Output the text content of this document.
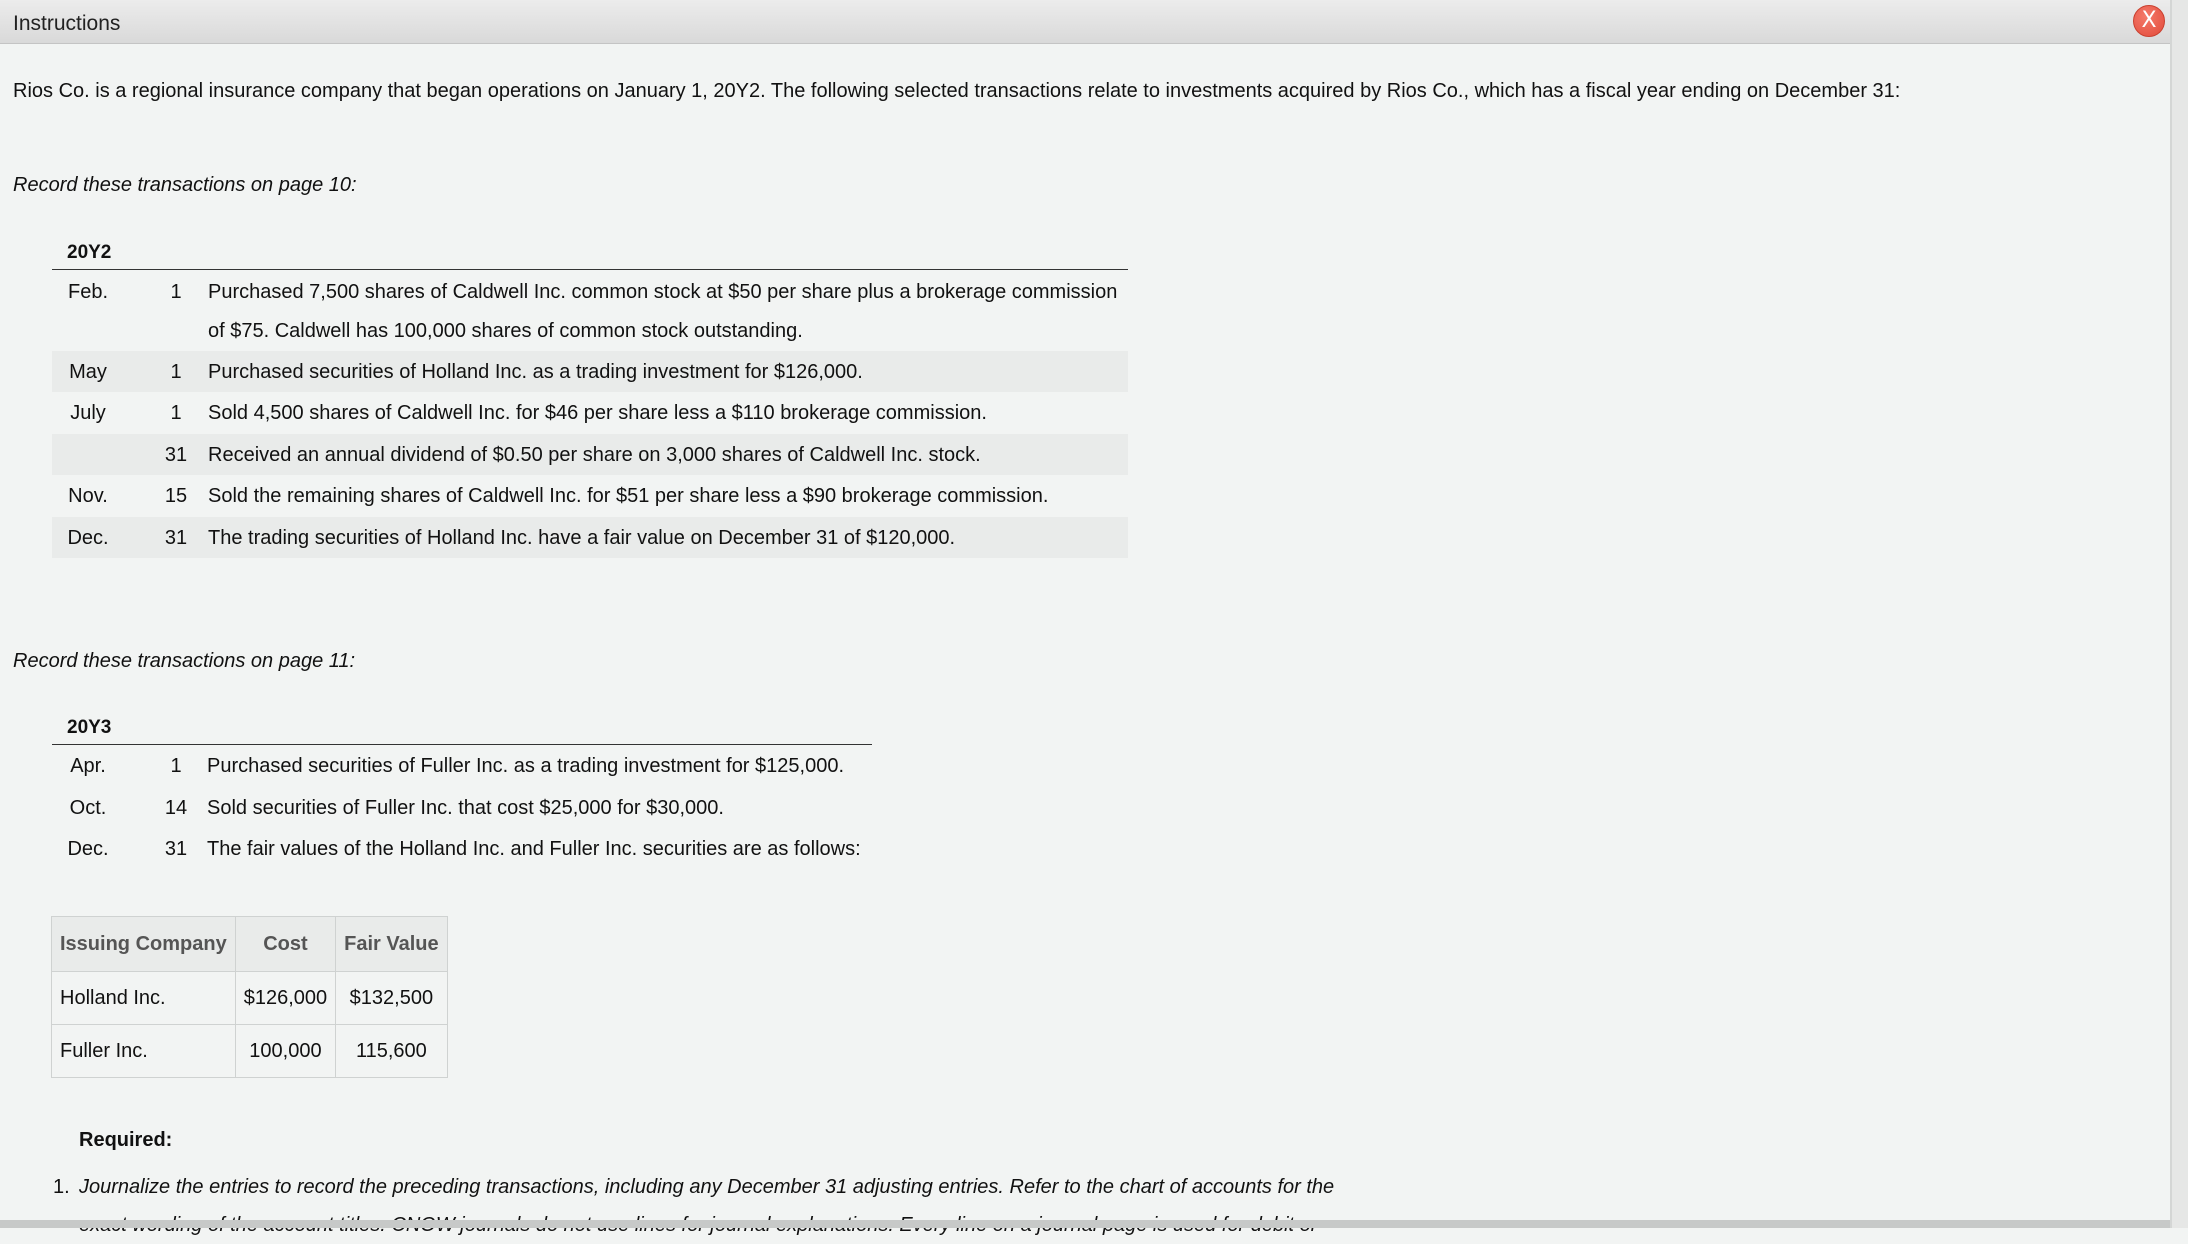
Instructions	X
Rios Co. is a regional insurance company that began operations on January 1, 20Y2. The following selected transactions relate to investments acquired by Rios Co., which has a fiscal year ending on December 31:
Record these transactions on page 10:
20Y2
Feb.	1	Purchased 7,500 shares of Caldwell Inc. common stock at $50 per share plus a brokerage commission
of $75. Caldwell has 100,000 shares of common stock outstanding.
May	1	Purchased securities of Holland Inc. as a trading investment for $126,000.
July	1	Sold 4,500 shares of Caldwell Inc. for $46 per share less a $110 brokerage commission.
31	Received an annual dividend of $0.50 per share on 3,000 shares of Caldwell Inc. stock.
Nov.	15	Sold the remaining shares of Caldwell Inc. for $51 per share less a $90 brokerage commission.
Dec.	31	The trading securities of Holland Inc. have a fair value on December 31 of $120,000.
Record these transactions on page 11:
20Y3
Apr.	1	Purchased securities of Fuller Inc. as a trading investment for $125,000.
Oct.	14 Sold securities of Fuller Inc. that cost $25,000 for $30,000.
Dec.	31 The fair values of the Holland Inc. and Fuller Inc. securities are as follows:
Issuing Company	Cost	Fair Value
Holland Inc.	$126,000	$132,500
Fuller Inc.	100,000	115,600
Required:
1. Journalize the entries to record the preceding transactions, including any December 31 adjusting entries. Refer to the chart of accounts for the
